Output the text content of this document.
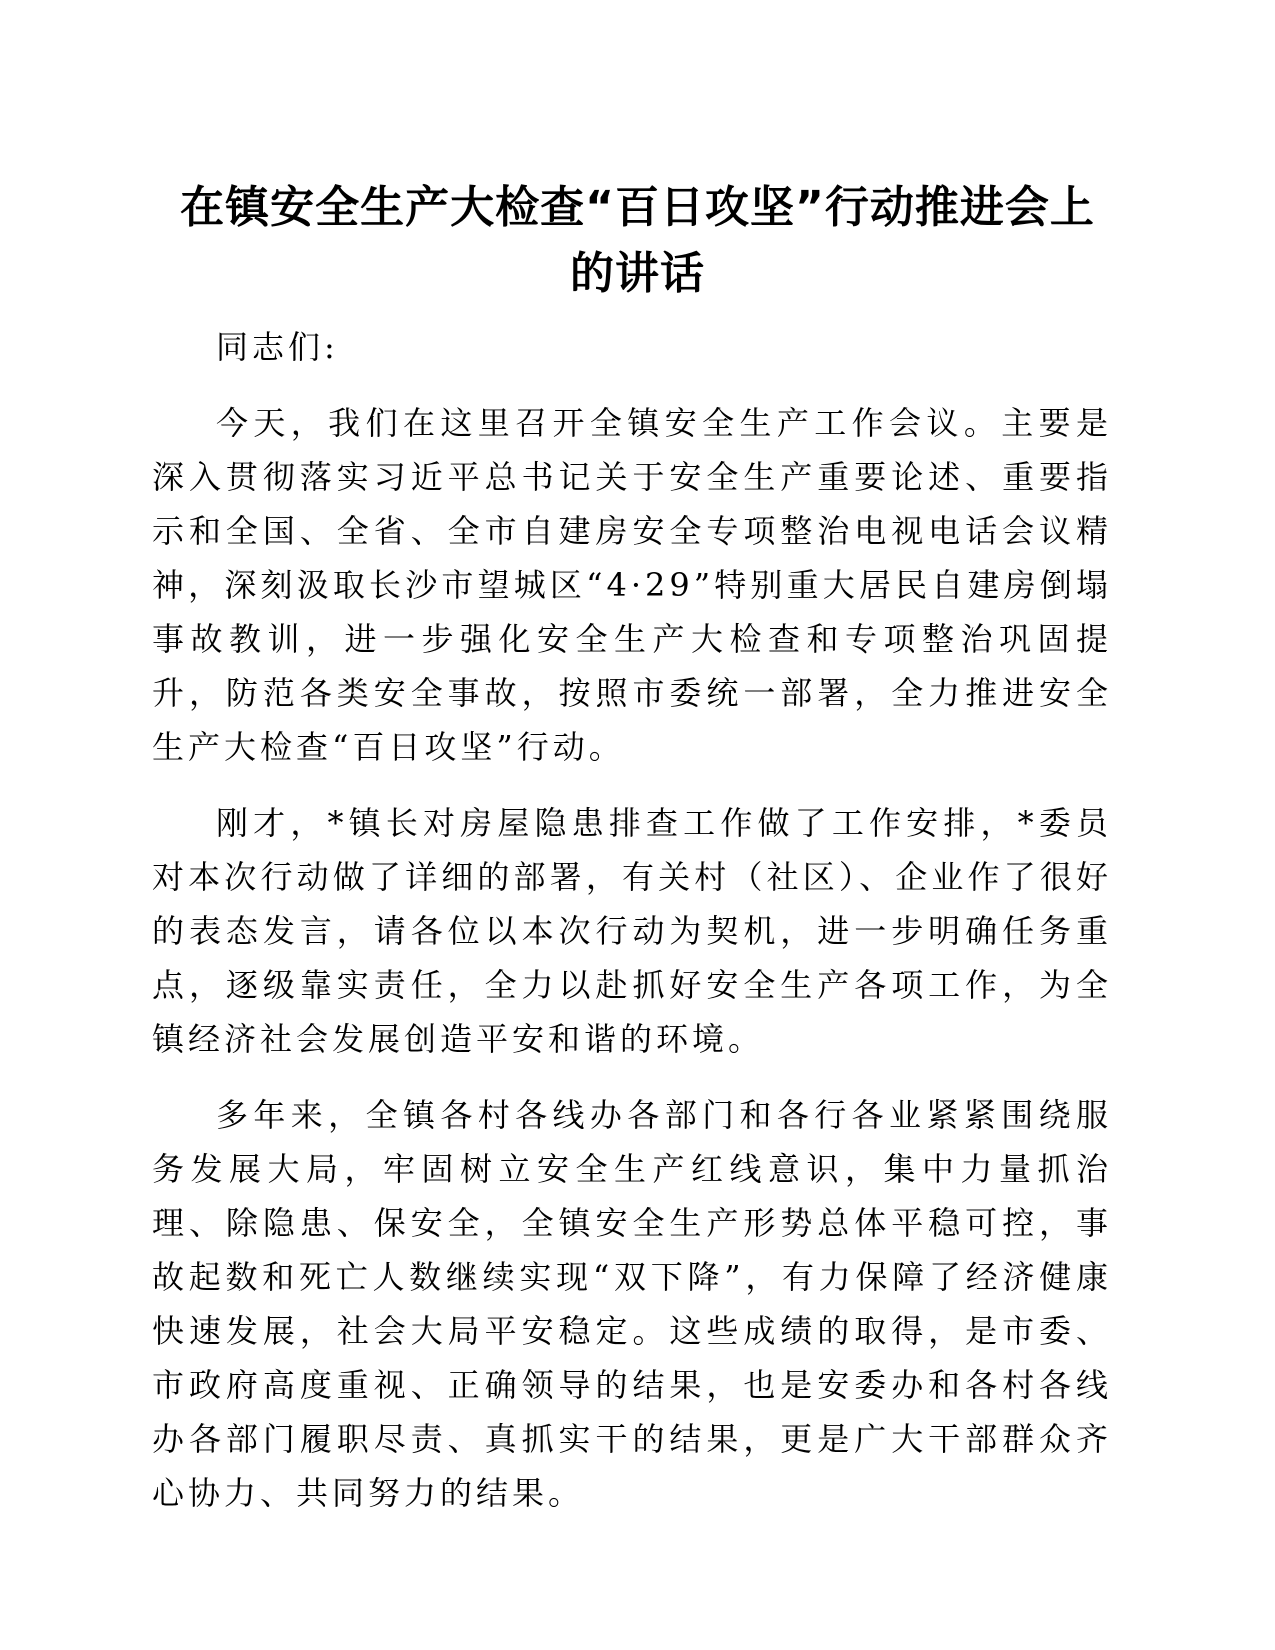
在镇安全生产大检查“百日攻坚”行动推进会上
的讲话

同志们:

今天，我们在这里召开全镇安全生产工作会议。主要是深入贯彻落实习近平总书记关于安全生产重要论述、重要指示和全国、全省、全市自建房安全专项整治电视电话会议精神，深刻汲取长沙市望城区“4·29”特别重大居民自建房倒塌事故教训，进一步强化安全生产大检查和专项整治巩固提升，防范各类安全事故，按照市委统一部署，全力推进安全生产大检查“百日攻坚”行动。

刚才，*镇长对房屋隐患排查工作做了工作安排，*委员对本次行动做了详细的部署，有关村（社区）、企业作了很好的表态发言，请各位以本次行动为契机，进一步明确任务重点，逐级靠实责任，全力以赴抓好安全生产各项工作，为全镇经济社会发展创造平安和谐的环境。

多年来，全镇各村各线办各部门和各行各业紧紧围绕服务发展大局，牢固树立安全生产红线意识，集中力量抓治理、除隐患、保安全，全镇安全生产形势总体平稳可控，事故起数和死亡人数继续实现“双下降”，有力保障了经济健康快速发展，社会大局平安稳定。这些成绩的取得，是市委、市政府高度重视、正确领导的结果，也是安委办和各村各线办各部门履职尽责、真抓实干的结果，更是广大干部群众齐心协力、共同努力的结果。
